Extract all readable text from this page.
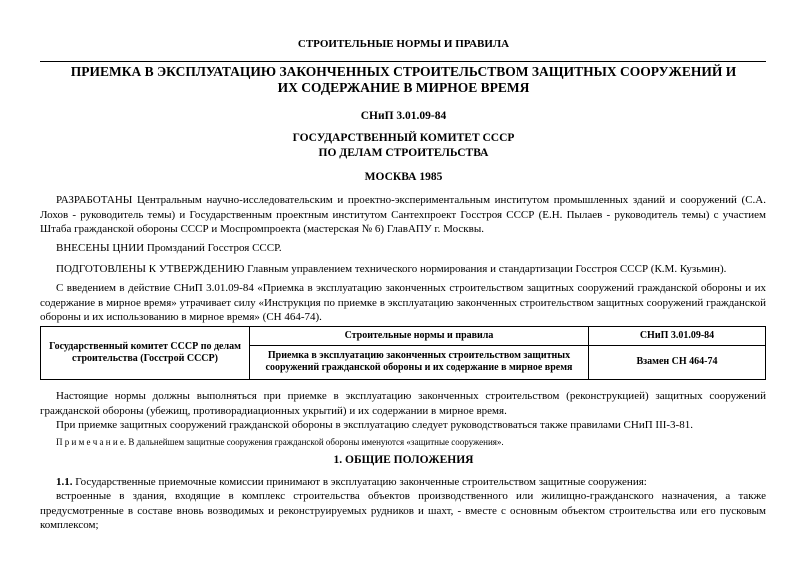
СТРОИТЕЛЬНЫЕ НОРМЫ И ПРАВИЛА
ПРИЕМКА В ЭКСПЛУАТАЦИЮ ЗАКОНЧЕННЫХ СТРОИТЕЛЬСТВОМ ЗАЩИТНЫХ СООРУЖЕНИЙ И ИХ СОДЕРЖАНИЕ В МИРНОЕ ВРЕМЯ
СНиП 3.01.09-84
ГОСУДАРСТВЕННЫЙ КОМИТЕТ СССР
ПО ДЕЛАМ СТРОИТЕЛЬСТВА
МОСКВА 1985
РАЗРАБОТАНЫ Центральным научно-исследовательским и проектно-экспериментальным институтом промышленных зданий и сооружений (С.А. Лохов - руководитель темы) и Государственным проектным институтом Сантехпроект Госстроя СССР (Е.Н. Пылаев - руководитель темы) с участием Штаба гражданской обороны СССР и Моспромпроекта (мастерская № 6) ГлавАПУ г. Москвы.
ВНЕСЕНЫ ЦНИИ Промзданий Госстроя СССР.
ПОДГОТОВЛЕНЫ К УТВЕРЖДЕНИЮ Главным управлением технического нормирования и стандартизации Госстроя СССР (К.М. Кузьмин).
С введением в действие СНиП 3.01.09-84 «Приемка в эксплуатацию законченных строительством защитных сооружений гражданской обороны и их содержание в мирное время» утрачивает силу «Инструкция по приемке в эксплуатацию законченных строительством защитных сооружений гражданской обороны и их использованию в мирное время» (СН 464-74).
Государственный комитет СССР по делам строительства (Госстрой СССР)	Строительные нормы и правила	СНиП 3.01.09-84
	Приемка в эксплуатацию законченных строительством защитных сооружений гражданской обороны и их содержание в мирное время	Взамен СН 464-74
Настоящие нормы должны выполняться при приемке в эксплуатацию законченных строительством (реконструкцией) защитных сооружений гражданской обороны (убежищ, противорадиационных укрытий) и их содержании в мирное время.
При приемке защитных сооружений гражданской обороны в эксплуатацию следует руководствоваться также правилами СНиП III-3-81.
П р и м е ч а н и е. В дальнейшем защитные сооружения гражданской обороны именуются «защитные сооружения».
1. ОБЩИЕ ПОЛОЖЕНИЯ
1.1. Государственные приемочные комиссии принимают в эксплуатацию законченные строительством защитные сооружения:
встроенные в здания, входящие в комплекс строительства объектов производственного или жилищно-гражданского назначения, а также предусмотренные в составе вновь возводимых и реконструируемых рудников и шахт, - вместе с основным объектом строительства или его пусковым комплексом;
